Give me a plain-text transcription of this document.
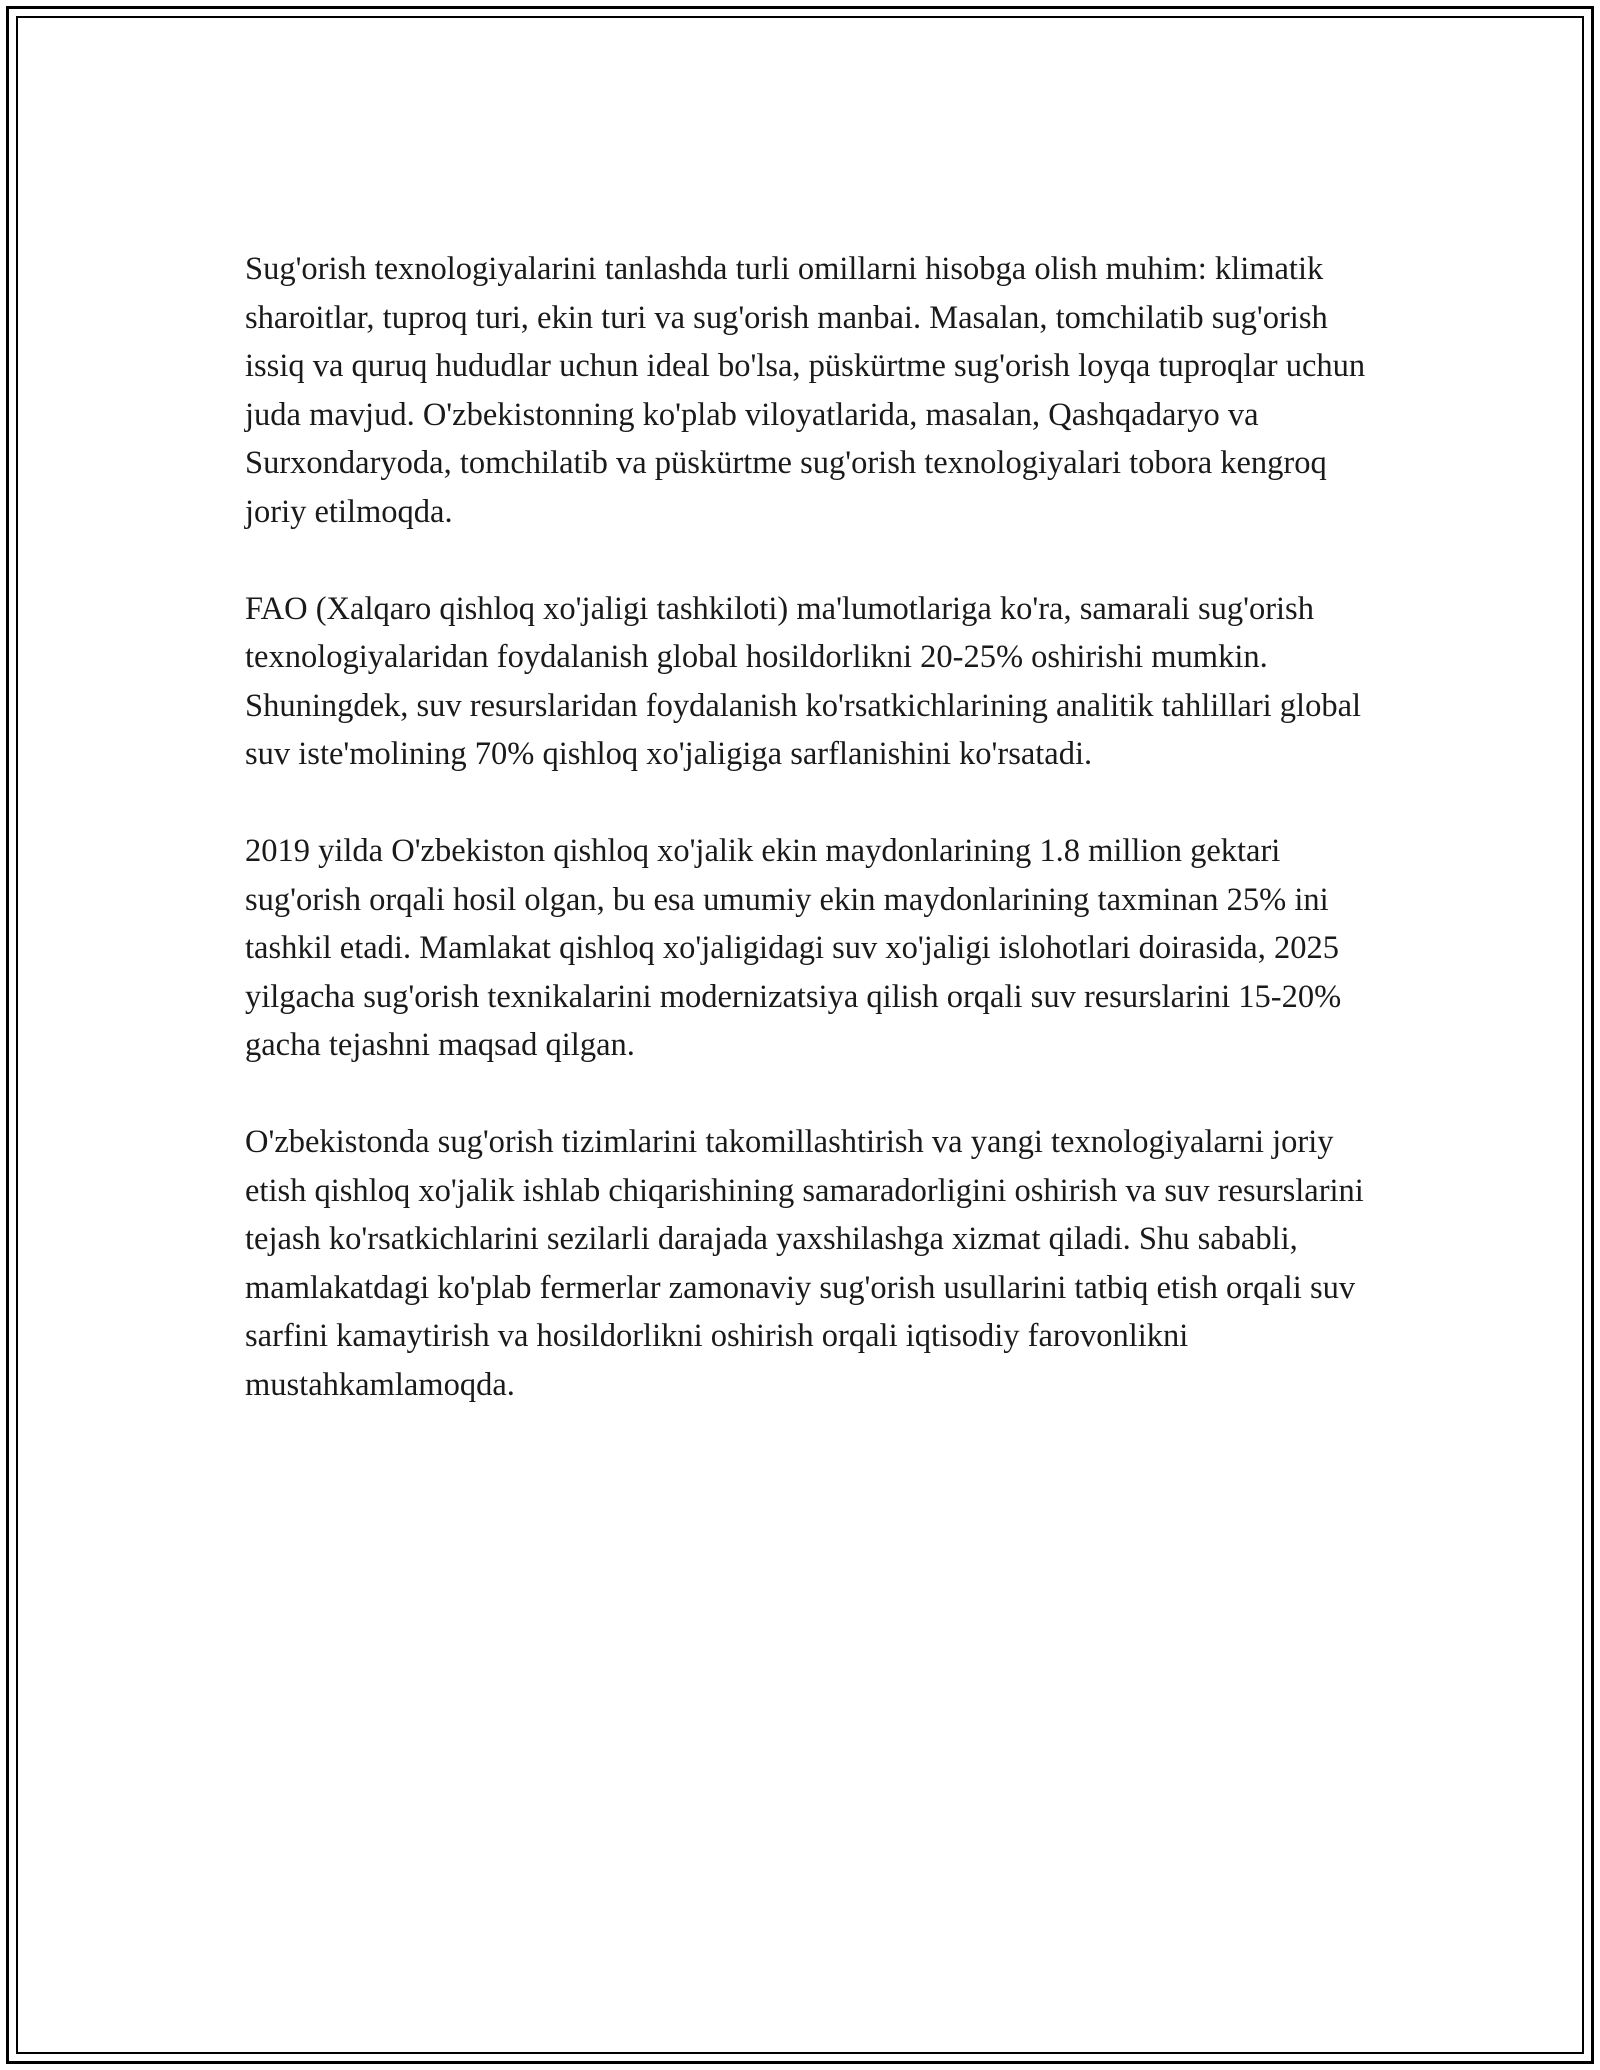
Sug'orish texnologiyalarini tanlashda turli omillarni hisobga olish muhim: klimatik sharoitlar, tuproq turi, ekin turi va sug'orish manbai. Masalan, tomchilatib sug'orish issiq va quruq hududlar uchun ideal bo'lsa, püskürtme sug'orish loyqa tuproqlar uchun juda mavjud. O'zbekistonning ko'plab viloyatlarida, masalan, Qashqadaryo va Surxondaryoda, tomchilatib va püskürtme sug'orish texnologiyalari tobora kengroq joriy etilmoqda.

FAO (Xalqaro qishloq xo'jaligi tashkiloti) ma'lumotlariga ko'ra, samarali sug'orish texnologiyalaridan foydalanish global hosildorlikni 20-25% oshirishi mumkin. Shuningdek, suv resurslaridan foydalanish ko'rsatkichlarining analitik tahlillari global suv iste'molining 70% qishloq xo'jaligiga sarflanishini ko'rsatadi.

2019 yilda O'zbekiston qishloq xo'jalik ekin maydonlarining 1.8 million gektari sug'orish orqali hosil olgan, bu esa umumiy ekin maydonlarining taxminan 25% ini tashkil etadi. Mamlakat qishloq xo'jaligidagi suv xo'jaligi islohotlari doirasida, 2025 yilgacha sug'orish texnikalarini modernizatsiya qilish orqali suv resurslarini 15-20% gacha tejashni maqsad qilgan.

O'zbekistonda sug'orish tizimlarini takomillashtirish va yangi texnologiyalarni joriy etish qishloq xo'jalik ishlab chiqarishining samaradorligini oshirish va suv resurslarini tejash ko'rsatkichlarini sezilarli darajada yaxshilashga xizmat qiladi. Shu sababli, mamlakatdagi ko'plab fermerlar zamonaviy sug'orish usullarini tatbiq etish orqali suv sarfini kamaytirish va hosildorlikni oshirish orqali iqtisodiy farovonlikni mustahkamlamoqda.
